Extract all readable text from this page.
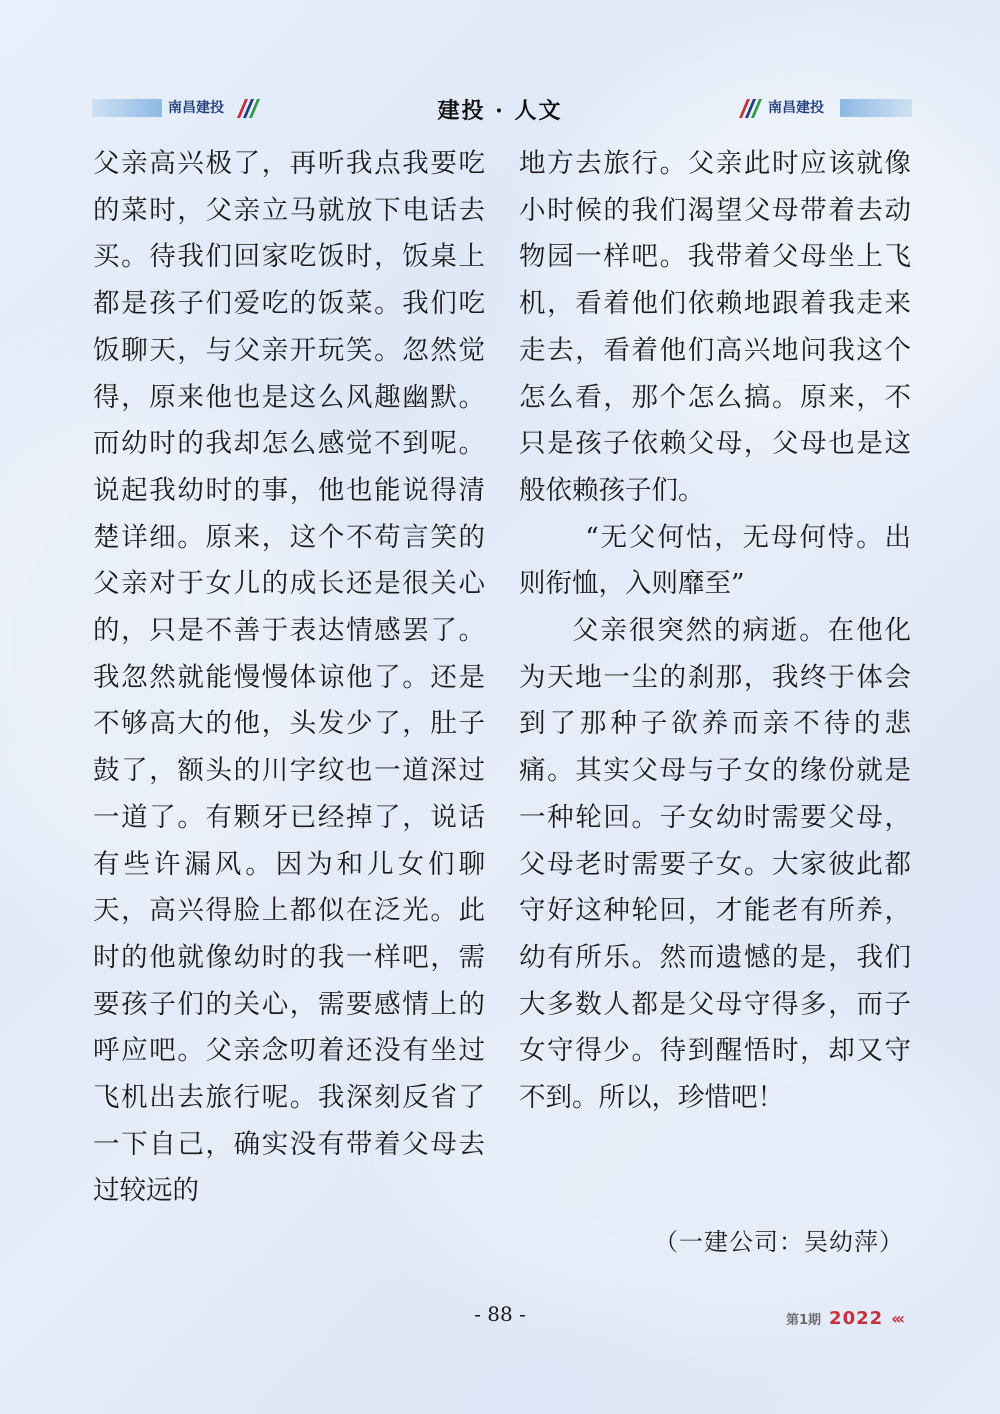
南昌建投	建投 · 人文	南昌建投

父亲高兴极了，再听我点我要吃的菜时，父亲立马就放下电话去买。待我们回家吃饭时，饭桌上都是孩子们爱吃的饭菜。我们吃饭聊天，与父亲开玩笑。忽然觉得，原来他也是这么风趣幽默。而幼时的我却怎么感觉不到呢。说起我幼时的事，他也能说得清楚详细。原来，这个不苟言笑的父亲对于女儿的成长还是很关心的，只是不善于表达情感罢了。我忽然就能慢慢体谅他了。还是不够高大的他，头发少了，肚子鼓了，额头的川字纹也一道深过一道了。有颗牙已经掉了，说话有些许漏风。因为和儿女们聊天，高兴得脸上都似在泛光。此时的他就像幼时的我一样吧，需要孩子们的关心，需要感情上的呼应吧。父亲念叨着还没有坐过飞机出去旅行呢。我深刻反省了一下自己，确实没有带着父母去过较远的

地方去旅行。父亲此时应该就像小时候的我们渴望父母带着去动物园一样吧。我带着父母坐上飞机，看着他们依赖地跟着我走来走去，看着他们高兴地问我这个怎么看，那个怎么搞。原来，不只是孩子依赖父母，父母也是这般依赖孩子们。

“无父何怙，无母何恃。出则衔恤，入则靡至”

父亲很突然的病逝。在他化为天地一尘的刹那，我终于体会到了那种子欲养而亲不待的悲痛。其实父母与子女的缘份就是一种轮回。子女幼时需要父母，父母老时需要子女。大家彼此都守好这种轮回，才能老有所养，幼有所乐。然而遗憾的是，我们大多数人都是父母守得多，而子女守得少。待到醒悟时，却又守不到。所以，珍惜吧！

（一建公司：吴幼萍）
- 88 -	第1期 2022 ‹‹‹
